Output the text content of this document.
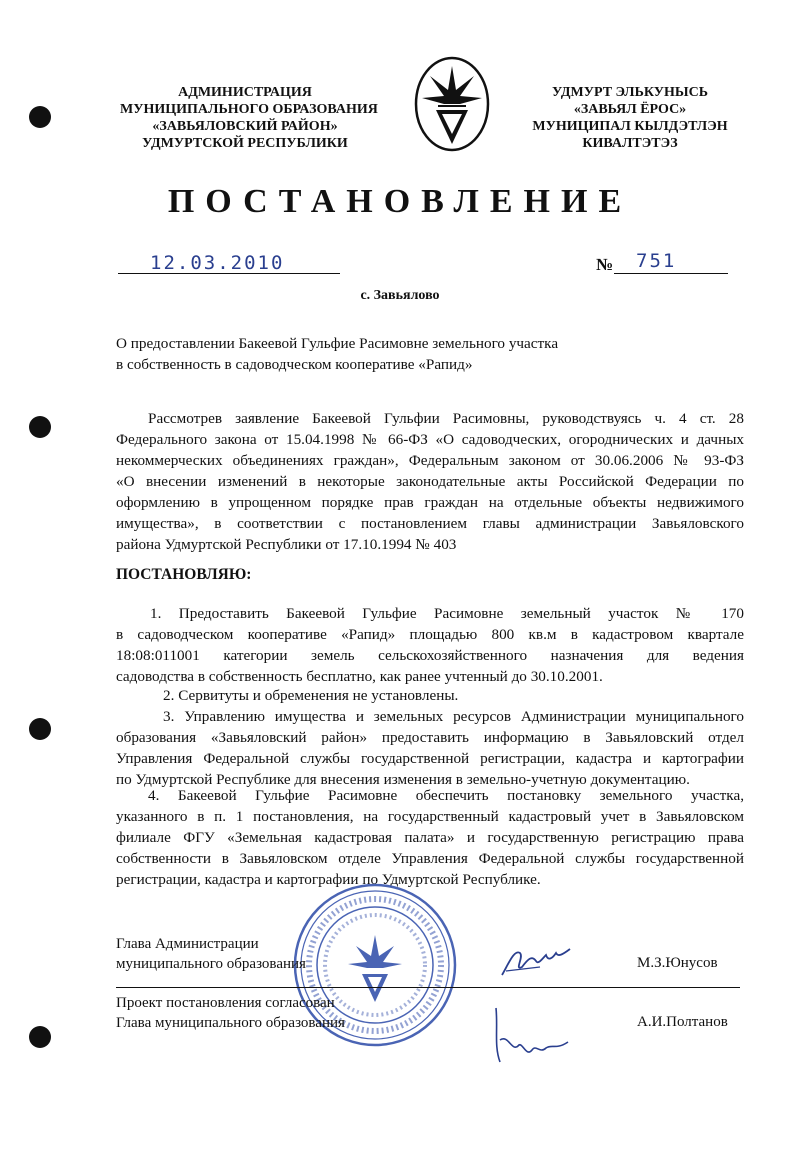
АДМИНИСТРАЦИЯ
МУНИЦИПАЛЬНОГО ОБРАЗОВАНИЯ
«ЗАВЬЯЛОВСКИЙ РАЙОН»
УДМУРТСКОЙ РЕСПУБЛИКИ
УДМУРТ ЭЛЬКУНЫСЬ
«ЗАВЬЯЛ ЁРОС»
МУНИЦИПАЛ КЫЛДЭТЛЭН
КИВАЛТЭТЭЗ
ПОСТАНОВЛЕНИЕ
12.03.2010	№ 751
с. Завьялово
О предоставлении Бакеевой Гульфие Расимовне земельного участка
в собственность в садоводческом кооперативе «Рапид»
Рассмотрев заявление Бакеевой Гульфии Расимовны, руководствуясь ч. 4 ст. 28
Федерального закона от 15.04.1998 № 66-ФЗ «О садоводческих, огороднических и дачных
некоммерческих объединениях граждан», Федеральным законом от 30.06.2006 № 93-ФЗ
«О внесении изменений в некоторые законодательные акты Российской Федерации по
оформлению в упрощенном порядке прав граждан на отдельные объекты недвижимого
имущества», в соответствии с постановлением главы администрации Завьяловского
района Удмуртской Республики от 17.10.1994 № 403
ПОСТАНОВЛЯЮ:
1. Предоставить Бакеевой Гульфие Расимовне земельный участок № 170
в садоводческом кооперативе «Рапид» площадью 800 кв.м в кадастровом квартале
18:08:011001 категории земель сельскохозяйственного назначения для ведения
садоводства в собственность бесплатно, как ранее учтенный до 30.10.2001.
2. Сервитуты и обременения не установлены.
3. Управлению имущества и земельных ресурсов Администрации муниципального
образования «Завьяловский район» предоставить информацию в Завьяловский отдел
Управления Федеральной службы государственной регистрации, кадастра и картографии
по Удмуртской Республике для внесения изменения в земельно-учетную документацию.
4. Бакеевой Гульфие Расимовне обеспечить постановку земельного участка,
указанного в п. 1 постановления, на государственный кадастровый учет в Завьяловском
филиале ФГУ «Земельная кадастровая палата» и государственную регистрацию права
собственности в Завьяловском отделе Управления Федеральной службы государственной
регистрации, кадастра и картографии по Удмуртской Республике.
Глава Администрации
муниципального образования	М.З.Юнусов
Проект постановления согласован
Глава муниципального образования	А.И.Полтанов
